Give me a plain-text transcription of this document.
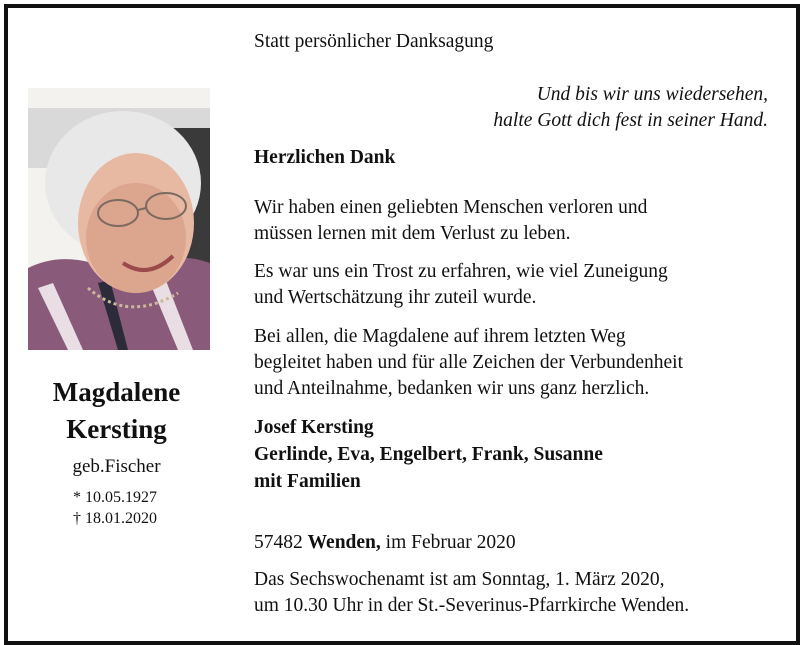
Magdalene
Kersting
geb.Fischer
* 10.05.1927
† 18.01.2020
Statt persönlicher Danksagung
Und bis wir uns wiedersehen,
halte Gott dich fest in seiner Hand.
Herzlichen Dank
Wir haben einen geliebten Menschen verloren und
müssen lernen mit dem Verlust zu leben.
Es war uns ein Trost zu erfahren, wie viel Zuneigung
und Wertschätzung ihr zuteil wurde.
Bei allen, die Magdalene auf ihrem letzten Weg
begleitet haben und für alle Zeichen der Verbundenheit
und Anteilnahme, bedanken wir uns ganz herzlich.
Josef Kersting
Gerlinde, Eva, Engelbert, Frank, Susanne
mit Familien
57482 Wenden, im Februar 2020
Das Sechswochenamt ist am Sonntag, 1. März 2020,
um 10.30 Uhr in der St.-Severinus-Pfarrkirche Wenden.
